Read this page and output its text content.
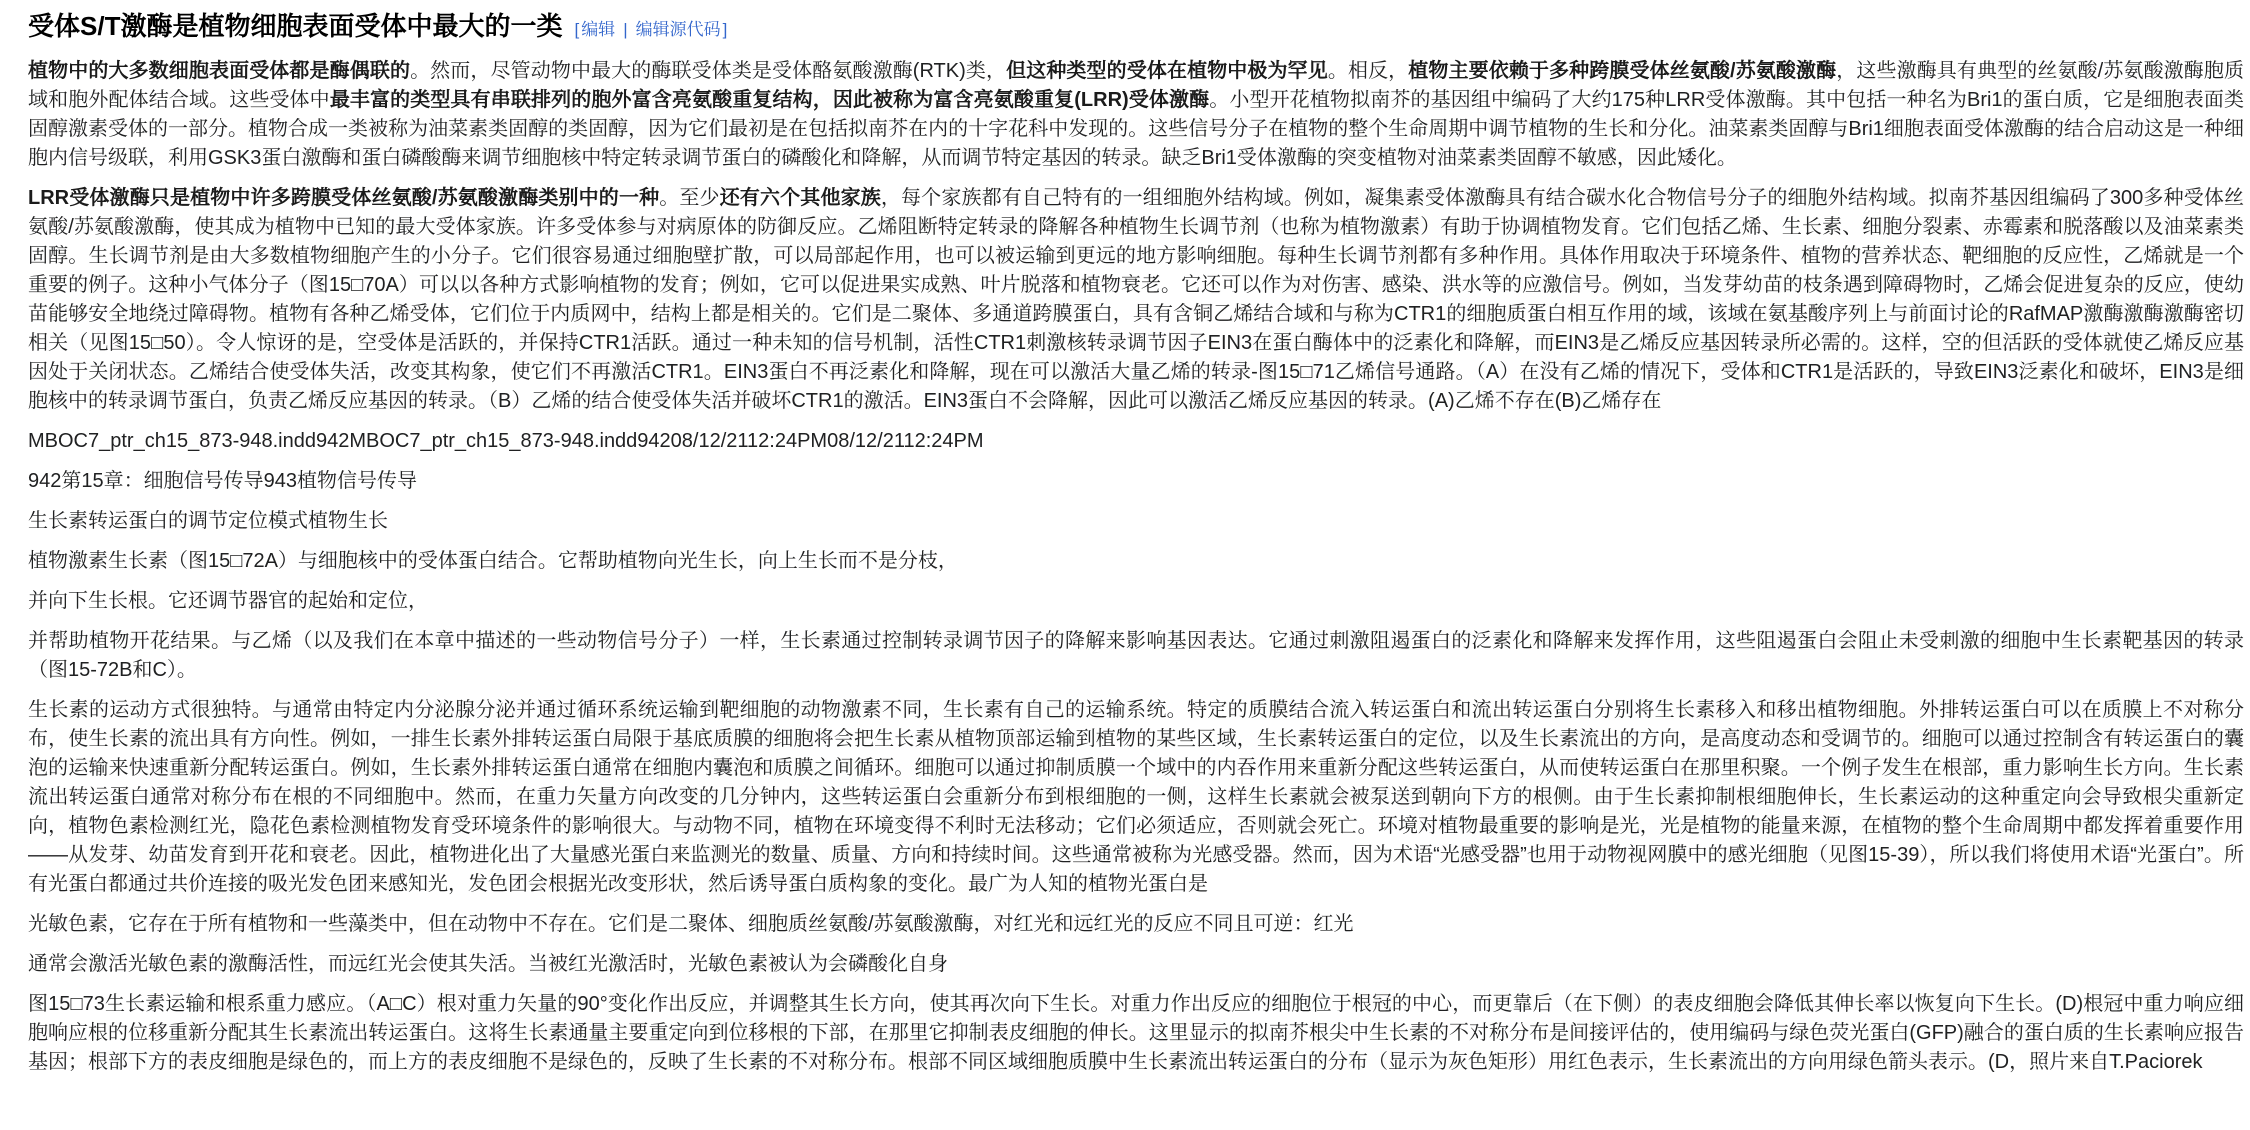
受体S/T激酶是植物细胞表面受体中最大的一类 [ 编辑 | 编辑源代码 ]

植物中的大多数细胞表面受体都是酶偶联的。然而，尽管动物中最大的酶联受体类是受体酪氨酸激酶(RTK)类，但这种类型的受体在植物中极为罕见。相反，植物主要依赖于多种跨膜受体丝氨酸/苏氨酸激酶，这些激酶具有典型的丝氨酸/苏氨酸激酶胞质域和胞外配体结合域。这些受体中最丰富的类型具有串联排列的胞外富含亮氨酸重复结构，因此被称为富含亮氨酸重复(LRR)受体激酶。小型开花植物拟南芥的基因组中编码了大约175种LRR受体激酶。其中包括一种名为Bri1的蛋白质，它是细胞表面类固醇激素受体的一部分。植物合成一类被称为油菜素类固醇的类固醇，因为它们最初是在包括拟南芥在内的十字花科中发现的。这些信号分子在植物的整个生命周期中调节植物的生长和分化。油菜素类固醇与Bri1细胞表面受体激酶的结合启动这是一种细胞内信号级联，利用GSK3蛋白激酶和蛋白磷酸酶来调节细胞核中特定转录调节蛋白的磷酸化和降解，从而调节特定基因的转录。缺乏Bri1受体激酶的突变植物对油菜素类固醇不敏感，因此矮化。

LRR受体激酶只是植物中许多跨膜受体丝氨酸/苏氨酸激酶类别中的一种。至少还有六个其他家族，每个家族都有自己特有的一组细胞外结构域。例如，凝集素受体激酶具有结合碳水化合物信号分子的细胞外结构域。拟南芥基因组编码了300多种受体丝氨酸/苏氨酸激酶，使其成为植物中已知的最大受体家族。许多受体参与对病原体的防御反应。乙烯阻断特定转录的降解各种植物生长调节剂（也称为植物激素）有助于协调植物发育。它们包括乙烯、生长素、细胞分裂素、赤霉素和脱落酸以及油菜素类固醇。生长调节剂是由大多数植物细胞产生的小分子。它们很容易通过细胞壁扩散，可以局部起作用，也可以被运输到更远的地方影响细胞。每种生长调节剂都有多种作用。具体作用取决于环境条件、植物的营养状态、靶细胞的反应性，乙烯就是一个重要的例子。这种小气体分子（图15□70A）可以以各种方式影响植物的发育；例如，它可以促进果实成熟、叶片脱落和植物衰老。它还可以作为对伤害、感染、洪水等的应激信号。例如，当发芽幼苗的枝条遇到障碍物时，乙烯会促进复杂的反应，使幼苗能够安全地绕过障碍物。植物有各种乙烯受体，它们位于内质网中，结构上都是相关的。它们是二聚体、多通道跨膜蛋白，具有含铜乙烯结合域和与称为CTR1的细胞质蛋白相互作用的域，该域在氨基酸序列上与前面讨论的RafMAP激酶激酶激酶密切相关（见图15□50）。令人惊讶的是，空受体是活跃的，并保持CTR1活跃。通过一种未知的信号机制，活性CTR1刺激核转录调节因子EIN3在蛋白酶体中的泛素化和降解，而EIN3是乙烯反应基因转录所必需的。这样，空的但活跃的受体就使乙烯反应基因处于关闭状态。乙烯结合使受体失活，改变其构象，使它们不再激活CTR1。EIN3蛋白不再泛素化和降解，现在可以激活大量乙烯的转录-图15□71乙烯信号通路。（A）在没有乙烯的情况下，受体和CTR1是活跃的，导致EIN3泛素化和破坏，EIN3是细胞核中的转录调节蛋白，负责乙烯反应基因的转录。（B）乙烯的结合使受体失活并破坏CTR1的激活。EIN3蛋白不会降解，因此可以激活乙烯反应基因的转录。(A)乙烯不存在(B)乙烯存在

MBOC7_ptr_ch15_873-948.indd942MBOC7_ptr_ch15_873-948.indd94208/12/2112:24PM08/12/2112:24PM

942第15章：细胞信号传导943植物信号传导

生长素转运蛋白的调节定位模式植物生长

植物激素生长素（图15□72A）与细胞核中的受体蛋白结合。它帮助植物向光生长，向上生长而不是分枝，

并向下生长根。它还调节器官的起始和定位，

并帮助植物开花结果。与乙烯（以及我们在本章中描述的一些动物信号分子）一样，生长素通过控制转录调节因子的降解来影响基因表达。它通过刺激阻遏蛋白的泛素化和降解来发挥作用，这些阻遏蛋白会阻止未受刺激的细胞中生长素靶基因的转录（图15-72B和C）。

生长素的运动方式很独特。与通常由特定内分泌腺分泌并通过循环系统运输到靶细胞的动物激素不同，生长素有自己的运输系统。特定的质膜结合流入转运蛋白和流出转运蛋白分别将生长素移入和移出植物细胞。外排转运蛋白可以在质膜上不对称分布，使生长素的流出具有方向性。例如，一排生长素外排转运蛋白局限于基底质膜的细胞将会把生长素从植物顶部运输到植物的某些区域，生长素转运蛋白的定位，以及生长素流出的方向，是高度动态和受调节的。细胞可以通过控制含有转运蛋白的囊泡的运输来快速重新分配转运蛋白。例如，生长素外排转运蛋白通常在细胞内囊泡和质膜之间循环。细胞可以通过抑制质膜一个域中的内吞作用来重新分配这些转运蛋白，从而使转运蛋白在那里积聚。一个例子发生在根部，重力影响生长方向。生长素流出转运蛋白通常对称分布在根的不同细胞中。然而，在重力矢量方向改变的几分钟内，这些转运蛋白会重新分布到根细胞的一侧，这样生长素就会被泵送到朝向下方的根侧。由于生长素抑制根细胞伸长，生长素运动的这种重定向会导致根尖重新定向，植物色素检测红光，隐花色素检测植物发育受环境条件的影响很大。与动物不同，植物在环境变得不利时无法移动；它们必须适应，否则就会死亡。环境对植物最重要的影响是光，光是植物的能量来源，在植物的整个生命周期中都发挥着重要作用——从发芽、幼苗发育到开花和衰老。因此，植物进化出了大量感光蛋白来监测光的数量、质量、方向和持续时间。这些通常被称为光感受器。然而，因为术语“光感受器”也用于动物视网膜中的感光细胞（见图15-39），所以我们将使用术语“光蛋白”。所有光蛋白都通过共价连接的吸光发色团来感知光，发色团会根据光改变形状，然后诱导蛋白质构象的变化。最广为人知的植物光蛋白是

光敏色素，它存在于所有植物和一些藻类中，但在动物中不存在。它们是二聚体、细胞质丝氨酸/苏氨酸激酶，对红光和远红光的反应不同且可逆：红光

通常会激活光敏色素的激酶活性，而远红光会使其失活。当被红光激活时，光敏色素被认为会磷酸化自身

图15□73生长素运输和根系重力感应。（A□C）根对重力矢量的90°变化作出反应，并调整其生长方向，使其再次向下生长。对重力作出反应的细胞位于根冠的中心，而更靠后（在下侧）的表皮细胞会降低其伸长率以恢复向下生长。(D)根冠中重力响应细胞响应根的位移重新分配其生长素流出转运蛋白。这将生长素通量主要重定向到位移根的下部，在那里它抑制表皮细胞的伸长。这里显示的拟南芥根尖中生长素的不对称分布是间接评估的，使用编码与绿色荧光蛋白(GFP)融合的蛋白质的生长素响应报告基因；根部下方的表皮细胞是绿色的，而上方的表皮细胞不是绿色的，反映了生长素的不对称分布。根部不同区域细胞质膜中生长素流出转运蛋白的分布（显示为灰色矩形）用红色表示，生长素流出的方向用绿色箭头表示。(D，照片来自T.Paciorek
